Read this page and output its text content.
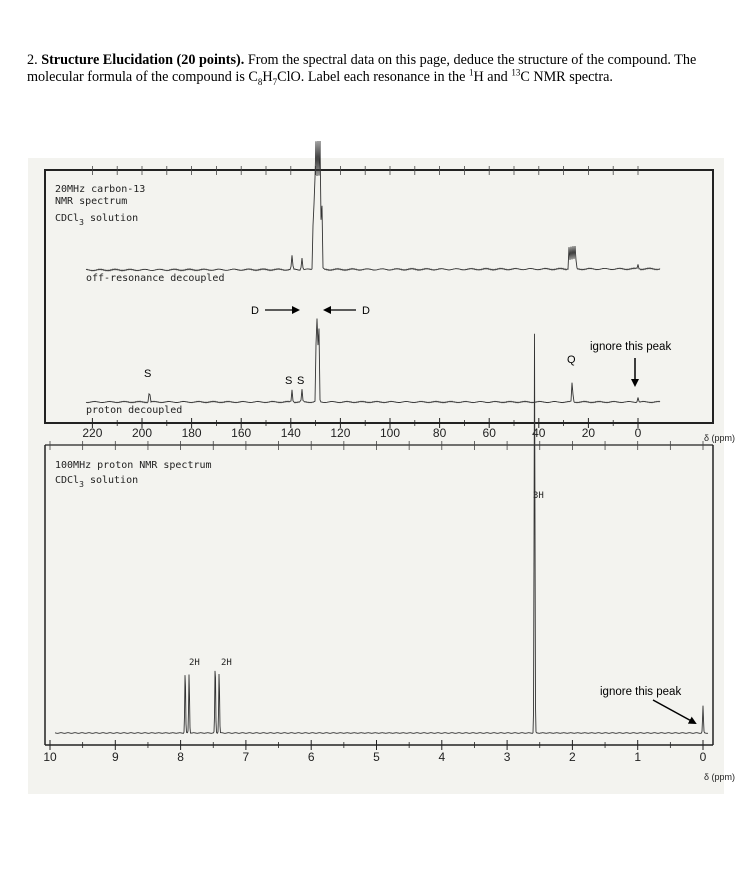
2. Structure Elucidation (20 points). From the spectral data on this page, deduce the structure of the compound. The molecular formula of the compound is $C_8H_7ClO$. Label each resonance in the $^1$H and $^{13}$C NMR spectra.
20MHz carbon-13
NMR spectrum
CDCl$_3$ solution
off-resonance decoupled
proton decoupled
D	D
S
S S
Q
ignore this peak
220 200 180 160 140 120 100	80	60	40	20	0	δ (ppm)
100MHz proton NMR spectrum
CDCl$_3$ solution
2H 2H
3H
ignore this peak
10	9	8	7	6	5	4	3	2	1	0
δ (ppm)
